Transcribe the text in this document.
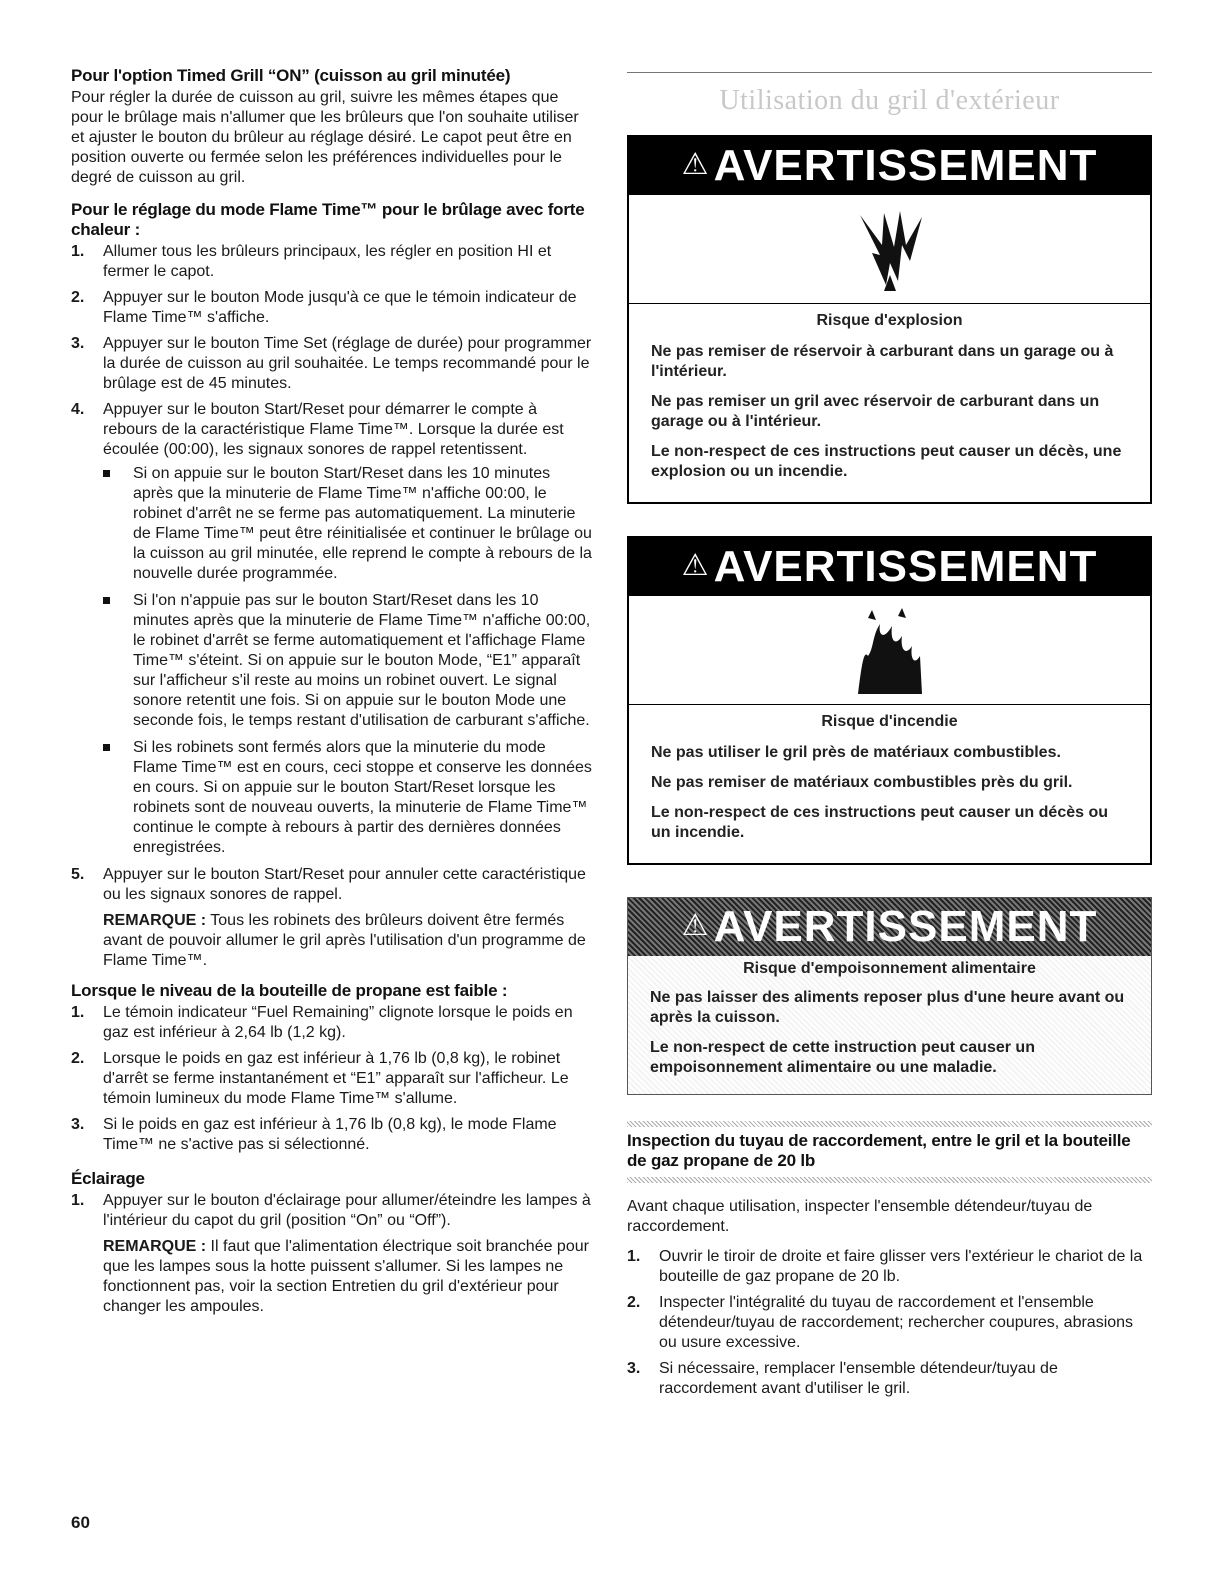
Pour l'option Timed Grill “ON” (cuisson au gril minutée)

Pour régler la durée de cuisson au gril, suivre les mêmes étapes que pour le brûlage mais n'allumer que les brûleurs que l'on souhaite utiliser et ajuster le bouton du brûleur au réglage désiré. Le capot peut être en position ouverte ou fermée selon les préférences individuelles pour le degré de cuisson au gril.

Pour le réglage du mode Flame Time™ pour le brûlage avec forte chaleur :
1. Allumer tous les brûleurs principaux, les régler en position HI et fermer le capot.
2. Appuyer sur le bouton Mode jusqu'à ce que le témoin indicateur de Flame Time™ s'affiche.
3. Appuyer sur le bouton Time Set (réglage de durée) pour programmer la durée de cuisson au gril souhaitée. Le temps recommandé pour le brûlage est de 45 minutes.
4. Appuyer sur le bouton Start/Reset pour démarrer le compte à rebours de la caractéristique Flame Time™. Lorsque la durée est écoulée (00:00), les signaux sonores de rappel retentissent.
Si on appuie sur le bouton Start/Reset dans les 10 minutes après que la minuterie de Flame Time™ n'affiche 00:00, le robinet d'arrêt ne se ferme pas automatiquement. La minuterie de Flame Time™ peut être réinitialisée et continuer le brûlage ou la cuisson au gril minutée, elle reprend le compte à rebours de la nouvelle durée programmée.
Si l'on n'appuie pas sur le bouton Start/Reset dans les 10 minutes après que la minuterie de Flame Time™ n'affiche 00:00, le robinet d'arrêt se ferme automatiquement et l'affichage Flame Time™ s'éteint. Si on appuie sur le bouton Mode, “E1” apparaît sur l'afficheur s'il reste au moins un robinet ouvert. Le signal sonore retentit une fois. Si on appuie sur le bouton Mode une seconde fois, le temps restant d'utilisation de carburant s'affiche.
Si les robinets sont fermés alors que la minuterie du mode Flame Time™ est en cours, ceci stoppe et conserve les données en cours. Si on appuie sur le bouton Start/Reset lorsque les robinets sont de nouveau ouverts, la minuterie de Flame Time™ continue le compte à rebours à partir des dernières données enregistrées.
5. Appuyer sur le bouton Start/Reset pour annuler cette caractéristique ou les signaux sonores de rappel.
REMARQUE : Tous les robinets des brûleurs doivent être fermés avant de pouvoir allumer le gril après l'utilisation d'un programme de Flame Time™.
Lorsque le niveau de la bouteille de propane est faible :
1. Le témoin indicateur “Fuel Remaining” clignote lorsque le poids en gaz est inférieur à 2,64 lb (1,2 kg).
2. Lorsque le poids en gaz est inférieur à 1,76 lb (0,8 kg), le robinet d'arrêt se ferme instantanément et “E1” apparaît sur l'afficheur. Le témoin lumineux du mode Flame Time™ s'allume.
3. Si le poids en gaz est inférieur à 1,76 lb (0,8 kg), le mode Flame Time™ ne s'active pas si sélectionné.
Éclairage
1. Appuyer sur le bouton d'éclairage pour allumer/éteindre les lampes à l'intérieur du capot du gril (position “On” ou “Off”).
REMARQUE : Il faut que l'alimentation électrique soit branchée pour que les lampes sous la hotte puissent s'allumer. Si les lampes ne fonctionnent pas, voir la section Entretien du gril d'extérieur pour changer les ampoules.
Utilisation du gril d'extérieur
⚠AVERTISSEMENT

Risque d'explosion

Ne pas remiser de réservoir à carburant dans un garage ou à l'intérieur.

Ne pas remiser un gril avec réservoir de carburant dans un garage ou à l'intérieur.

Le non-respect de ces instructions peut causer un décès, une explosion ou un incendie.

⚠AVERTISSEMENT

Risque d'incendie

Ne pas utiliser le gril près de matériaux combustibles.

Ne pas remiser de matériaux combustibles près du gril.

Le non-respect de ces instructions peut causer un décès ou un incendie.

⚠AVERTISSEMENT

Risque d'empoisonnement alimentaire

Ne pas laisser des aliments reposer plus d'une heure avant ou après la cuisson.

Le non-respect de cette instruction peut causer un empoisonnement alimentaire ou une maladie.

Inspection du tuyau de raccordement, entre le gril et la bouteille de gaz propane de 20 lb

Avant chaque utilisation, inspecter l'ensemble détendeur/tuyau de raccordement.

1. Ouvrir le tiroir de droite et faire glisser vers l'extérieur le chariot de la bouteille de gaz propane de 20 lb.
2. Inspecter l'intégralité du tuyau de raccordement et l'ensemble détendeur/tuyau de raccordement; rechercher coupures, abrasions ou usure excessive.
3. Si nécessaire, remplacer l'ensemble détendeur/tuyau de raccordement avant d'utiliser le gril.
60
